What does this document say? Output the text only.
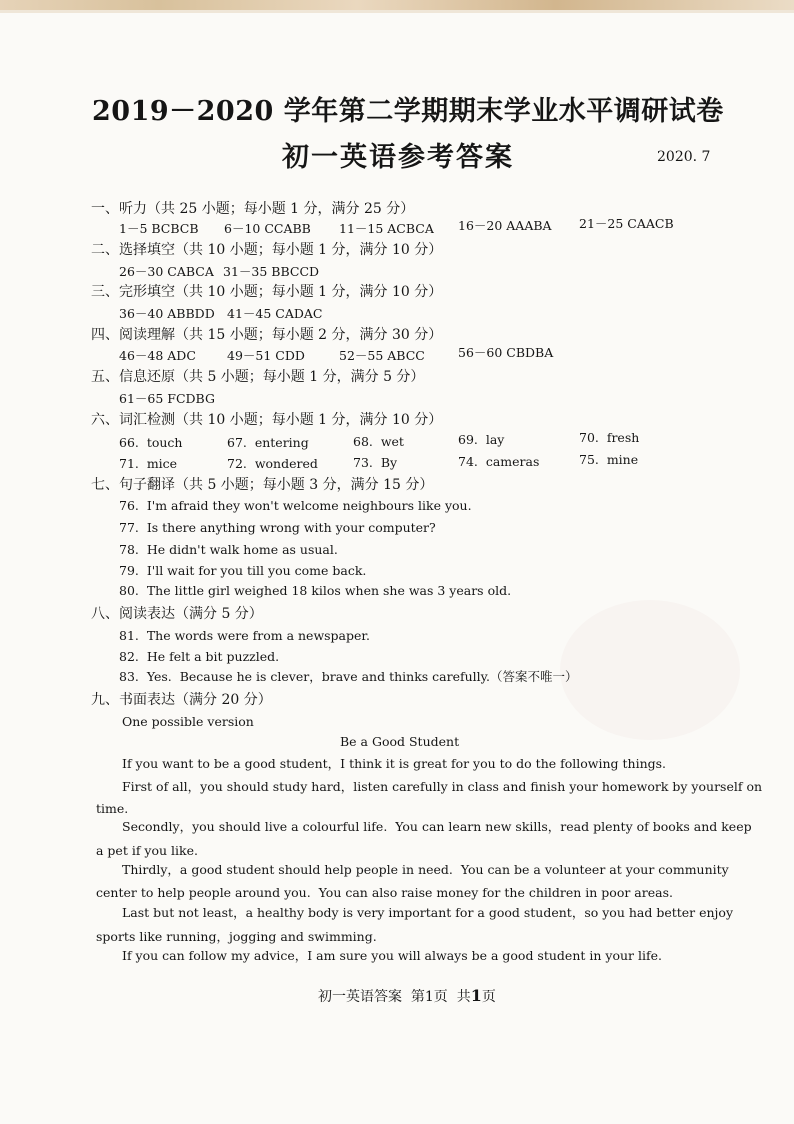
2019－2020 学年第二学期期末学业水平调研试卷
初一英语参考答案	2020. 7
一、听力（共 25 小题；每小题 1 分，满分 25 分）
1－5 BCBCB 6－10 CCABB 11－15 ACBCA 16－20 AAABA 21－25 CAACB
二、选择填空（共 10 小题；每小题 1 分，满分 10 分）
26－30 CABCA 31－35 BBCCD
三、完形填空（共 10 小题；每小题 1 分，满分 10 分）
36－40 ABBDD 41－45 CADAC
四、阅读理解（共 15 小题；每小题 2 分，满分 30 分）
46－48 ADC 49－51 CDD	52－55 ABCC	56－60 CBDBA
五、信息还原（共 5 小题；每小题 1 分，满分 5 分）
61－65 FCDBG
六、词汇检测（共 10 小题；每小题 1 分，满分 10 分）
66.  touch	67.  entering	68.  wet	69.  lay	70.  fresh
71.  mice	72.  wondered	73.  By	74.  cameras	75.  mine
七、句子翻译（共 5 小题；每小题 3 分，满分 15 分）
76.  I'm afraid they won't welcome neighbours like you.
77.  Is there anything wrong with your computer?
78.  He didn't walk home as usual.
79.  I'll wait for you till you come back.
80.  The little girl weighed 18 kilos when she was 3 years old.
八、阅读表达（满分 5 分）
81.  The words were from a newspaper.
82.  He felt a bit puzzled.
83.  Yes.  Because he is clever，brave and thinks carefully.（答案不唯一）
九、书面表达（满分 20 分）
One possible version
Be a Good Student
If you want to be a good student，I think it is great for you to do the following things.
First of all，you should study hard，listen carefully in class and finish your homework by yourself on
time.
Secondly，you should live a colourful life.  You can learn new skills，read plenty of books and keep
a pet if you like.
Thirdly，a good student should help people in need.  You can be a volunteer at your community
center to help people around you.  You can also raise money for the children in poor areas.
Last but not least，a healthy body is very important for a good student，so you had better enjoy
sports like running，jogging and swimming.
If you can follow my advice，I am sure you will always be a good student in your life.
初一英语答案  第1页  共1页
